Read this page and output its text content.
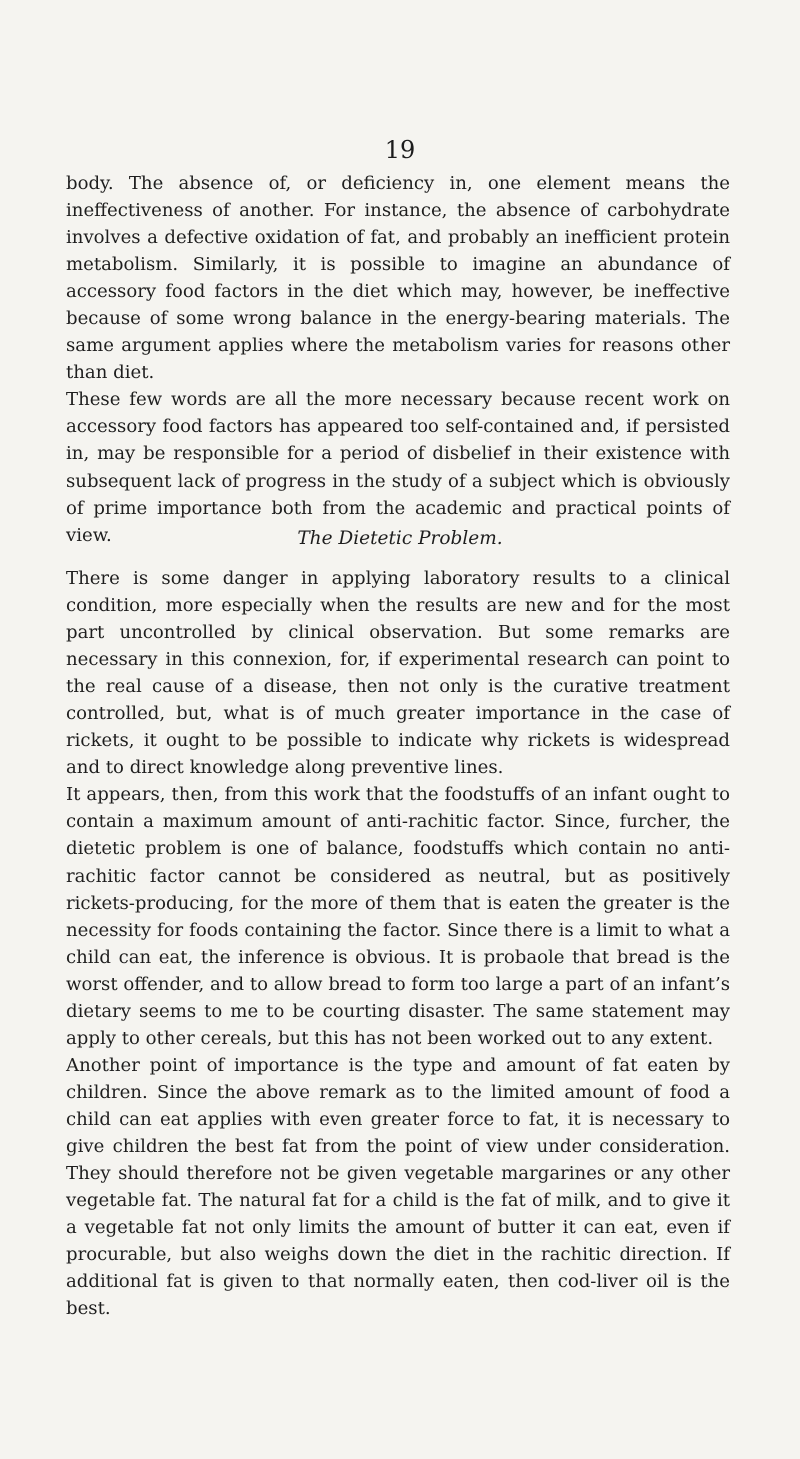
19

body. The absence of, or deficiency in, one element means the ineffectiveness of another. For instance, the absence of carbohydrate involves a defective oxidation of fat, and probably an inefficient protein metabolism. Similarly, it is possible to imagine an abundance of accessory food factors in the diet which may, however, be ineffective because of some wrong balance in the energy-bearing materials. The same argument applies where the metabolism varies for reasons other than diet.

These few words are all the more necessary because recent work on accessory food factors has appeared too self-contained and, if persisted in, may be responsible for a period of disbelief in their existence with subsequent lack of progress in the study of a subject which is obviously of prime importance both from the academic and practical points of view.	The Dietetic Problem.

There is some danger in applying laboratory results to a clinical condition, more especially when the results are new and for the most part uncontrolled by clinical observation. But some remarks are necessary in this connexion, for, if experimental research can point to the real cause of a disease, then not only is the curative treatment controlled, but, what is of much greater importance in the case of rickets, it ought to be possible to indicate why rickets is widespread and to direct knowledge along preventive lines.

It appears, then, from this work that the foodstuffs of an infant ought to contain a maximum amount of anti-rachitic factor. Since, furcher, the dietetic problem is one of balance, foodstuffs which contain no anti-rachitic factor cannot be considered as neutral, but as positively rickets-producing, for the more of them that is eaten the greater is the necessity for foods containing the factor. Since there is a limit to what a child can eat, the inference is obvious. It is probaole that bread is the worst offender, and to allow bread to form too large a part of an infant’s dietary seems to me to be courting disaster. The same statement may apply to other cereals, but this has not been worked out to any extent.

Another point of importance is the type and amount of fat eaten by children. Since the above remark as to the limited amount of food a child can eat applies with even greater force to fat, it is necessary to give children the best fat from the point of view under consideration. They should therefore not be given vegetable margarines or any other vegetable fat. The natural fat for a child is the fat of milk, and to give it a vegetable fat not only limits the amount of butter it can eat, even if procurable, but also weighs down the diet in the rachitic direction. If additional fat is given to that normally eaten, then cod-liver oil is the best.
